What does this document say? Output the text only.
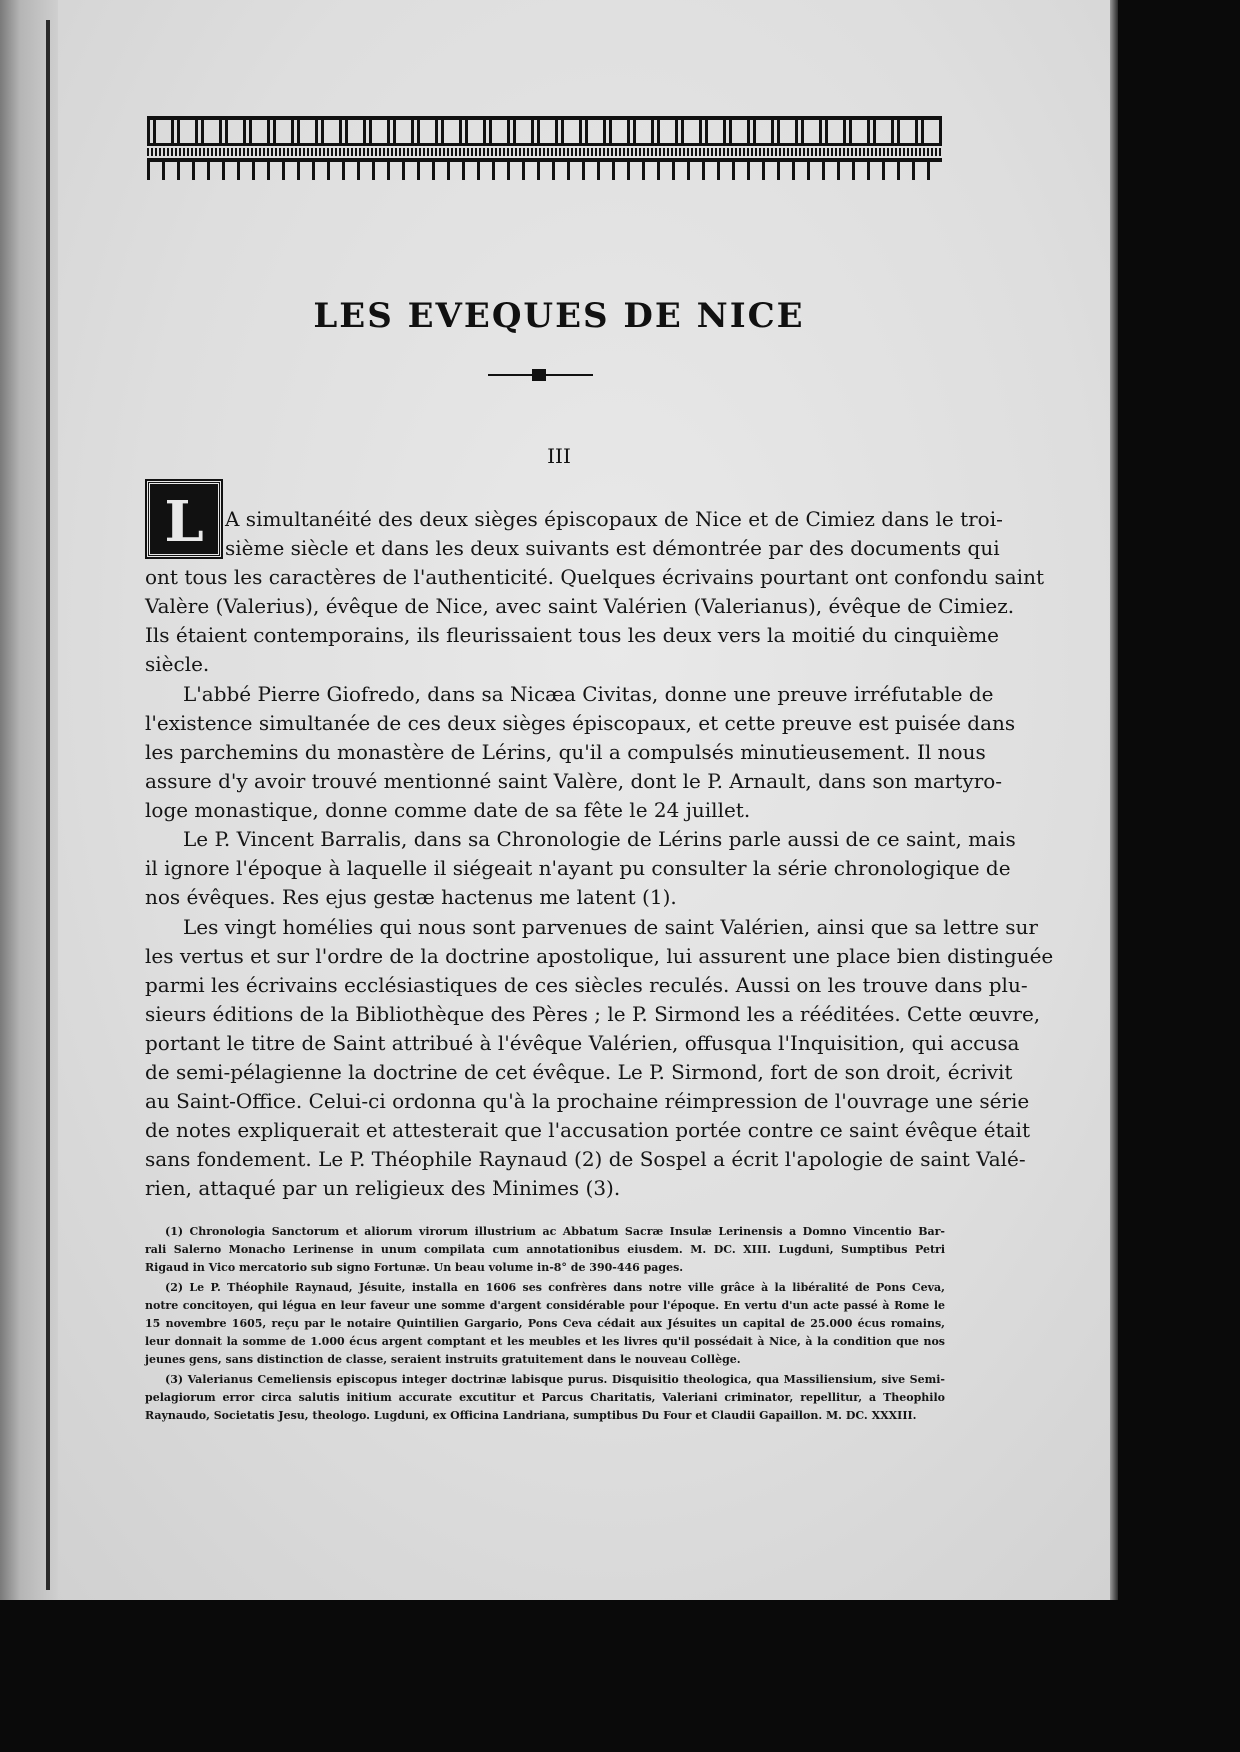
LES EVEQUES DE NICE
III
L	A simultanéité des deux sièges épiscopaux de Nice et de Cimiez dans le troi-
sième siècle et dans les deux suivants est démontrée par des documents qui
ont tous les caractères de l'authenticité. Quelques écrivains pourtant ont confondu saint
Valère (Valerius), évêque de Nice, avec saint Valérien (Valerianus), évêque de Cimiez.
Ils étaient contemporains, ils fleurissaient tous les deux vers la moitié du cinquième
siècle.
L'abbé Pierre Giofredo, dans sa Nicæa Civitas, donne une preuve irréfutable de
l'existence simultanée de ces deux sièges épiscopaux, et cette preuve est puisée dans
les parchemins du monastère de Lérins, qu'il a compulsés minutieusement. Il nous
assure d'y avoir trouvé mentionné saint Valère, dont le P. Arnault, dans son martyro-
loge monastique, donne comme date de sa fête le 24 juillet.
Le P. Vincent Barralis, dans sa Chronologie de Lérins parle aussi de ce saint, mais
il ignore l'époque à laquelle il siégeait n'ayant pu consulter la série chronologique de
nos évêques. Res ejus gestæ hactenus me latent (1).
Les vingt homélies qui nous sont parvenues de saint Valérien, ainsi que sa lettre sur
les vertus et sur l'ordre de la doctrine apostolique, lui assurent une place bien distinguée
parmi les écrivains ecclésiastiques de ces siècles reculés. Aussi on les trouve dans plu-
sieurs éditions de la Bibliothèque des Pères ; le P. Sirmond les a rééditées. Cette œuvre,
portant le titre de Saint attribué à l'évêque Valérien, offusqua l'Inquisition, qui accusa
de semi-pélagienne la doctrine de cet évêque. Le P. Sirmond, fort de son droit, écrivit
au Saint-Office. Celui-ci ordonna qu'à la prochaine réimpression de l'ouvrage une série
de notes expliquerait et attesterait que l'accusation portée contre ce saint évêque était
sans fondement. Le P. Théophile Raynaud (2) de Sospel a écrit l'apologie de saint Valé-
rien, attaqué par un religieux des Minimes (3).
(1) Chronologia Sanctorum et aliorum virorum illustrium ac Abbatum Sacræ Insulæ Lerinensis a Domno Vincentio Bar-
rali Salerno Monacho Lerinense in unum compilata cum annotationibus eiusdem. M. DC. XIII. Lugduni, Sumptibus Petri
Rigaud in Vico mercatorio sub signo Fortunæ. Un beau volume in-8° de 390-446 pages.
(2) Le P. Théophile Raynaud, Jésuite, installa en 1606 ses confrères dans notre ville grâce à la libéralité de Pons Ceva,
notre concitoyen, qui légua en leur faveur une somme d'argent considérable pour l'époque. En vertu d'un acte passé à Rome le
15 novembre 1605, reçu par le notaire Quintilien Gargario, Pons Ceva cédait aux Jésuites un capital de 25.000 écus romains,
leur donnait la somme de 1.000 écus argent comptant et les meubles et les livres qu'il possédait à Nice, à la condition que nos
jeunes gens, sans distinction de classe, seraient instruits gratuitement dans le nouveau Collège.
(3) Valerianus Cemeliensis episcopus integer doctrinæ labisque purus. Disquisitio theologica, qua Massiliensium, sive Semi-
pelagiorum error circa salutis initium accurate excutitur et Parcus Charitatis, Valeriani criminator, repellitur, a Theophilo
Raynaudo, Societatis Jesu, theologo. Lugduni, ex Officina Landriana, sumptibus Du Four et Claudii Gapaillon. M. DC. XXXIII.
